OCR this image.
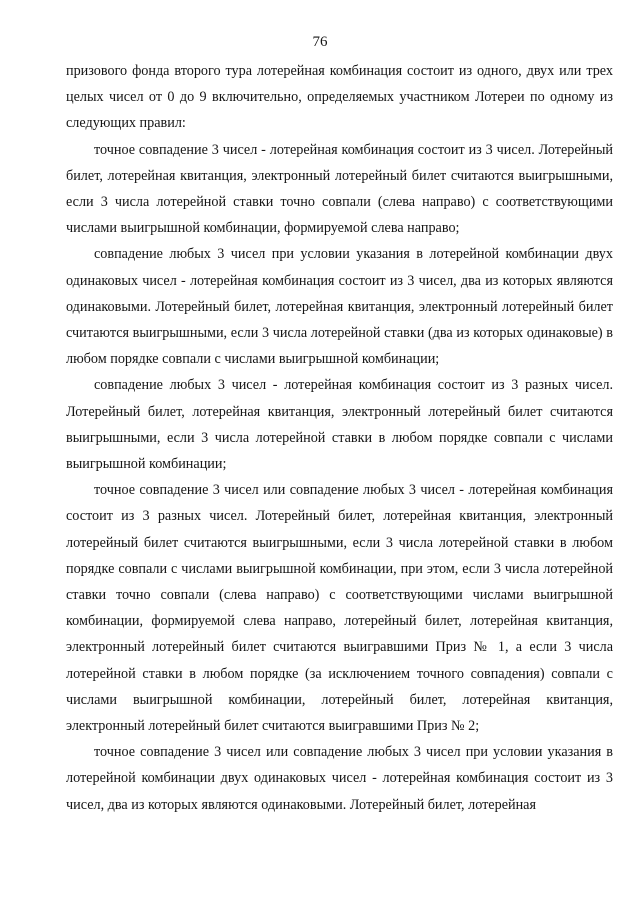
76

призового фонда второго тура лотерейная комбинация состоит из одного, двух или трех целых чисел от 0 до 9 включительно, определяемых участником Лотереи по одному из следующих правил:

точное совпадение 3 чисел - лотерейная комбинация состоит из 3 чисел. Лотерейный билет, лотерейная квитанция, электронный лотерейный билет считаются выигрышными, если 3 числа лотерейной ставки точно совпали (слева направо) с соответствующими числами выигрышной комбинации, формируемой слева направо;

совпадение любых 3 чисел при условии указания в лотерейной комбинации двух одинаковых чисел - лотерейная комбинация состоит из 3 чисел, два из которых являются одинаковыми. Лотерейный билет, лотерейная квитанция, электронный лотерейный билет считаются выигрышными, если 3 числа лотерейной ставки (два из которых одинаковые) в любом порядке совпали с числами выигрышной комбинации;

совпадение любых 3 чисел - лотерейная комбинация состоит из 3 разных чисел. Лотерейный билет, лотерейная квитанция, электронный лотерейный билет считаются выигрышными, если 3 числа лотерейной ставки в любом порядке совпали с числами выигрышной комбинации;

точное совпадение 3 чисел или совпадение любых 3 чисел - лотерейная комбинация состоит из 3 разных чисел. Лотерейный билет, лотерейная квитанция, электронный лотерейный билет считаются выигрышными, если 3 числа лотерейной ставки в любом порядке совпали с числами выигрышной комбинации, при этом, если 3 числа лотерейной ставки точно совпали (слева направо) с соответствующими числами выигрышной комбинации, формируемой слева направо, лотерейный билет, лотерейная квитанция, электронный лотерейный билет считаются выигравшими Приз № 1, а если 3 числа лотерейной ставки в любом порядке (за исключением точного совпадения) совпали с числами выигрышной комбинации, лотерейный билет, лотерейная квитанция, электронный лотерейный билет считаются выигравшими Приз № 2;

точное совпадение 3 чисел или совпадение любых 3 чисел при условии указания в лотерейной комбинации двух одинаковых чисел - лотерейная комбинация состоит из 3 чисел, два из которых являются одинаковыми. Лотерейный билет, лотерейная
